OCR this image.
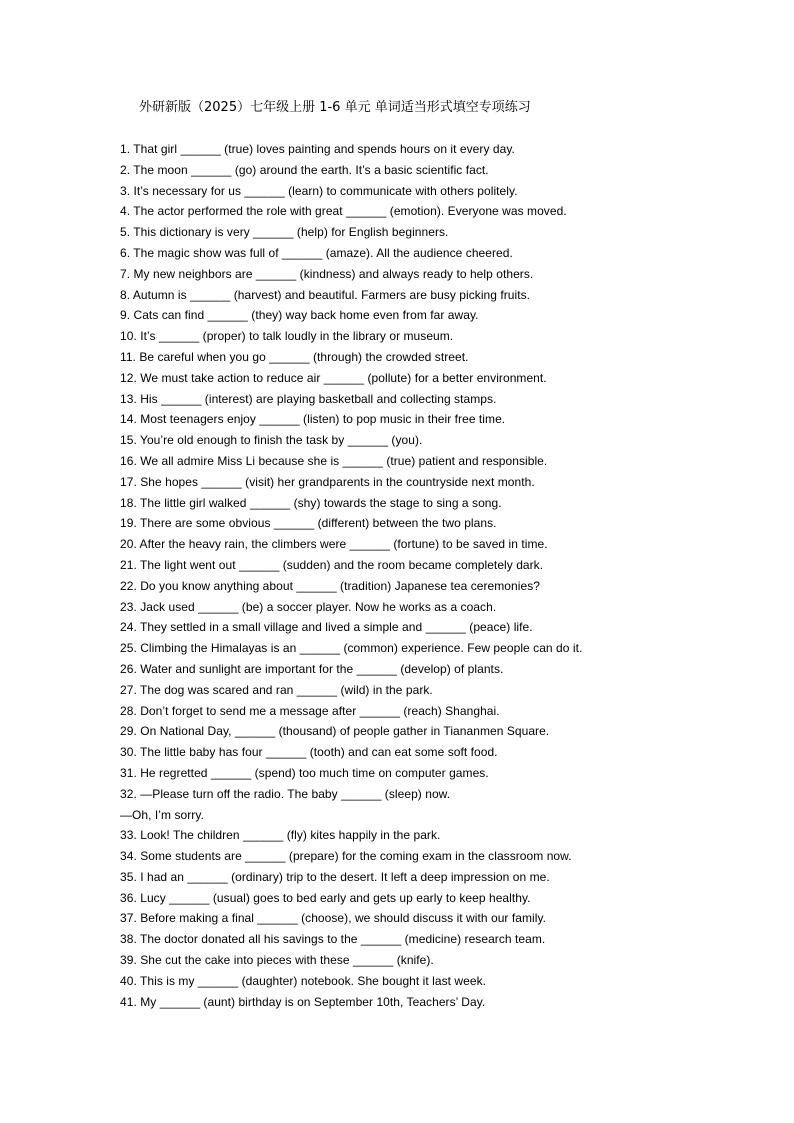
外研新版（2025）七年级上册 1-6 单元 单词适当形式填空专项练习
1. That girl ______ (true) loves painting and spends hours on it every day.
2. The moon ______ (go) around the earth. It’s a basic scientific fact.
3. It’s necessary for us ______ (learn) to communicate with others politely.
4. The actor performed the role with great ______ (emotion). Everyone was moved.
5. This dictionary is very ______ (help) for English beginners.
6. The magic show was full of ______ (amaze). All the audience cheered.
7. My new neighbors are ______ (kindness) and always ready to help others.
8. Autumn is ______ (harvest) and beautiful. Farmers are busy picking fruits.
9. Cats can find ______ (they) way back home even from far away.
10. It’s ______ (proper) to talk loudly in the library or museum.
11. Be careful when you go ______ (through) the crowded street.
12. We must take action to reduce air ______ (pollute) for a better environment.
13. His ______ (interest) are playing basketball and collecting stamps.
14. Most teenagers enjoy ______ (listen) to pop music in their free time.
15. You’re old enough to finish the task by ______ (you).
16. We all admire Miss Li because she is ______ (true) patient and responsible.
17. She hopes ______ (visit) her grandparents in the countryside next month.
18. The little girl walked ______ (shy) towards the stage to sing a song.
19. There are some obvious ______ (different) between the two plans.
20. After the heavy rain, the climbers were ______ (fortune) to be saved in time.
21. The light went out ______ (sudden) and the room became completely dark.
22. Do you know anything about ______ (tradition) Japanese tea ceremonies?
23. Jack used ______ (be) a soccer player. Now he works as a coach.
24. They settled in a small village and lived a simple and ______ (peace) life.
25. Climbing the Himalayas is an ______ (common) experience. Few people can do it.
26. Water and sunlight are important for the ______ (develop) of plants.
27. The dog was scared and ran ______ (wild) in the park.
28. Don’t forget to send me a message after ______ (reach) Shanghai.
29. On National Day, ______ (thousand) of people gather in Tiananmen Square.
30. The little baby has four ______ (tooth) and can eat some soft food.
31. He regretted ______ (spend) too much time on computer games.
32. —Please turn off the radio. The baby ______ (sleep) now.
—Oh, I’m sorry.
33. Look! The children ______ (fly) kites happily in the park.
34. Some students are ______ (prepare) for the coming exam in the classroom now.
35. I had an ______ (ordinary) trip to the desert. It left a deep impression on me.
36. Lucy ______ (usual) goes to bed early and gets up early to keep healthy.
37. Before making a final ______ (choose), we should discuss it with our family.
38. The doctor donated all his savings to the ______ (medicine) research team.
39. She cut the cake into pieces with these ______ (knife).
40. This is my ______ (daughter) notebook. She bought it last week.
41. My ______ (aunt) birthday is on September 10th, Teachers’ Day.
